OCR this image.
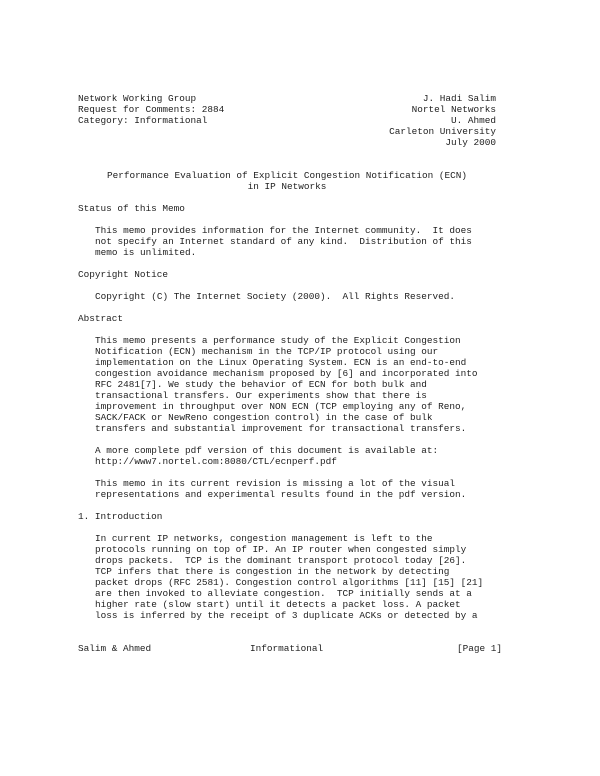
Network Working Group	J. Hadi Salim
Request for Comments: 2884	Nortel Networks
Category: Informational	U. Ahmed
Carleton University
July 2000
Performance Evaluation of Explicit Congestion Notification (ECN)
in IP Networks
Status of this Memo
This memo provides information for the Internet community.  It does
not specify an Internet standard of any kind.  Distribution of this
memo is unlimited.
Copyright Notice
Copyright (C) The Internet Society (2000).  All Rights Reserved.
Abstract
This memo presents a performance study of the Explicit Congestion
Notification (ECN) mechanism in the TCP/IP protocol using our
implementation on the Linux Operating System. ECN is an end-to-end
congestion avoidance mechanism proposed by [6] and incorporated into
RFC 2481[7]. We study the behavior of ECN for both bulk and
transactional transfers. Our experiments show that there is
improvement in throughput over NON ECN (TCP employing any of Reno,
SACK/FACK or NewReno congestion control) in the case of bulk
transfers and substantial improvement for transactional transfers.
A more complete pdf version of this document is available at:
http://www7.nortel.com:8080/CTL/ecnperf.pdf
This memo in its current revision is missing a lot of the visual
representations and experimental results found in the pdf version.
1. Introduction
In current IP networks, congestion management is left to the
protocols running on top of IP. An IP router when congested simply
drops packets.  TCP is the dominant transport protocol today [26].
TCP infers that there is congestion in the network by detecting
packet drops (RFC 2581). Congestion control algorithms [11] [15] [21]
are then invoked to alleviate congestion.  TCP initially sends at a
higher rate (slow start) until it detects a packet loss. A packet
loss is inferred by the receipt of 3 duplicate ACKs or detected by a

Salim & Ahmed

	Informational

	[Page 1]
